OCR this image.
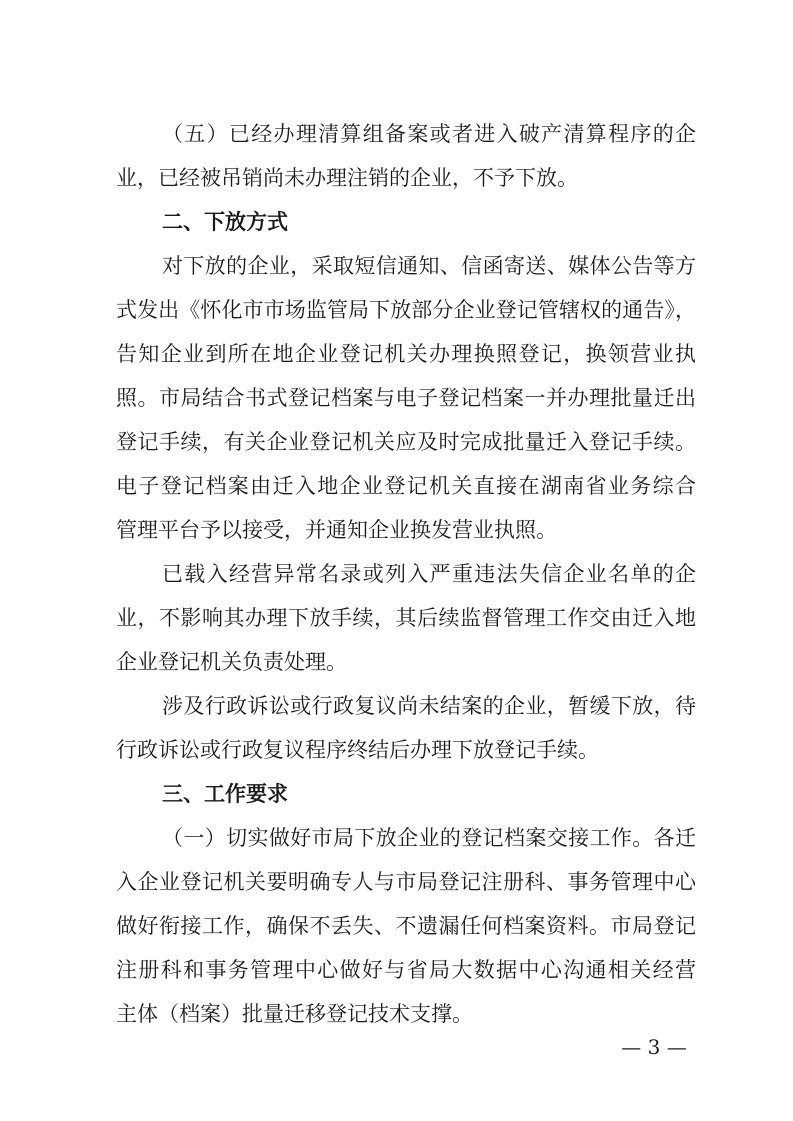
（五）已经办理清算组备案或者进入破产清算程序的企
业，已经被吊销尚未办理注销的企业，不予下放。
二、下放方式
对下放的企业，采取短信通知、信函寄送、媒体公告等方
式发出《怀化市市场监管局下放部分企业登记管辖权的通告》，
告知企业到所在地企业登记机关办理换照登记，换领营业执
照。市局结合书式登记档案与电子登记档案一并办理批量迁出
登记手续，有关企业登记机关应及时完成批量迁入登记手续。
电子登记档案由迁入地企业登记机关直接在湖南省业务综合
管理平台予以接受，并通知企业换发营业执照。
已载入经营异常名录或列入严重违法失信企业名单的企
业，不影响其办理下放手续，其后续监督管理工作交由迁入地
企业登记机关负责处理。
涉及行政诉讼或行政复议尚未结案的企业，暂缓下放，待
行政诉讼或行政复议程序终结后办理下放登记手续。
三、工作要求
（一）切实做好市局下放企业的登记档案交接工作。各迁
入企业登记机关要明确专人与市局登记注册科、事务管理中心
做好衔接工作，确保不丢失、不遗漏任何档案资料。市局登记
注册科和事务管理中心做好与省局大数据中心沟通相关经营
主体（档案）批量迁移登记技术支撑。
— 3 —
